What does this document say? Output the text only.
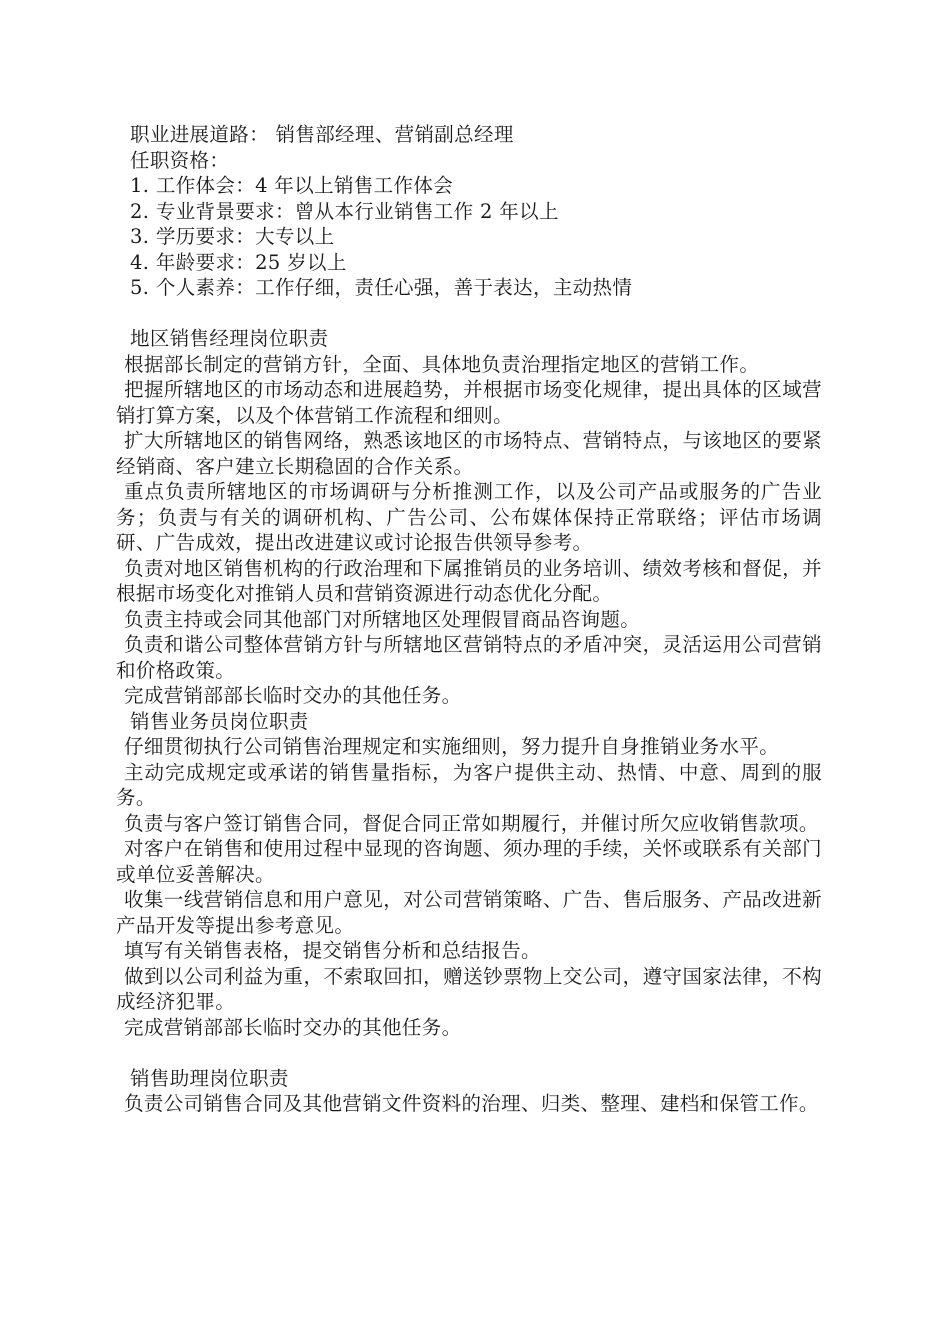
职业进展道路： 销售部经理、营销副总经理

任职资格：

1. 工作体会：4 年以上销售工作体会

2. 专业背景要求：曾从本行业销售工作 2 年以上

3. 学历要求：大专以上

4. 年龄要求：25 岁以上

5. 个人素养：工作仔细，责任心强，善于表达，主动热情

地区销售经理岗位职责

根据部长制定的营销方针，全面、具体地负责治理指定地区的营销工作。

把握所辖地区的市场动态和进展趋势，并根据市场变化规律，提出具体的区域营销打算方案，以及个体营销工作流程和细则。

扩大所辖地区的销售网络，熟悉该地区的市场特点、营销特点，与该地区的要紧经销商、客户建立长期稳固的合作关系。

重点负责所辖地区的市场调研与分析推测工作，以及公司产品或服务的广告业务；负责与有关的调研机构、广告公司、公布媒体保持正常联络；评估市场调研、广告成效，提出改进建议或讨论报告供领导参考。

负责对地区销售机构的行政治理和下属推销员的业务培训、绩效考核和督促，并根据市场变化对推销人员和营销资源进行动态优化分配。

负责主持或会同其他部门对所辖地区处理假冒商品咨询题。

负责和谐公司整体营销方针与所辖地区营销特点的矛盾冲突，灵活运用公司营销和价格政策。

完成营销部部长临时交办的其他任务。

销售业务员岗位职责

仔细贯彻执行公司销售治理规定和实施细则，努力提升自身推销业务水平。

主动完成规定或承诺的销售量指标，为客户提供主动、热情、中意、周到的服务。

负责与客户签订销售合同，督促合同正常如期履行，并催讨所欠应收销售款项。

对客户在销售和使用过程中显现的咨询题、须办理的手续，关怀或联系有关部门或单位妥善解决。

收集一线营销信息和用户意见，对公司营销策略、广告、售后服务、产品改进新产品开发等提出参考意见。

填写有关销售表格，提交销售分析和总结报告。

做到以公司利益为重，不索取回扣，赠送钞票物上交公司，遵守国家法律，不构成经济犯罪。

完成营销部部长临时交办的其他任务。

销售助理岗位职责

负责公司销售合同及其他营销文件资料的治理、归类、整理、建档和保管工作。
